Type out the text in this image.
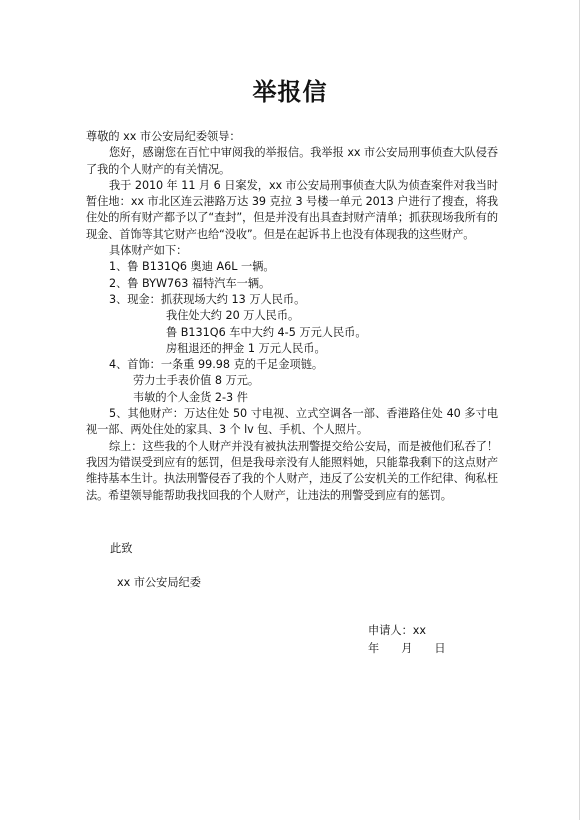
举报信
尊敬的 xx 市公安局纪委领导：
您好，感谢您在百忙中审阅我的举报信。我举报 xx 市公安局刑事侦查大队侵吞了我的个人财产的有关情况。
我于 2010 年 11 月 6 日案发，xx 市公安局刑事侦查大队为侦查案件对我当时暂住地：xx 市北区连云港路万达 39 克拉 3 号楼一单元 2013 户进行了搜查，将我住处的所有财产都予以了“查封”，但是并没有出具查封财产清单；抓获现场我所有的现金、首饰等其它财产也给“没收”。但是在起诉书上也没有体现我的这些财产。
具体财产如下：
1、鲁 B131Q6 奥迪 A6L 一辆。
2、鲁 BYW763 福特汽车一辆。
3、现金：抓获现场大约 13 万人民币。
我住处大约 20 万人民币。
鲁 B131Q6 车中大约 4-5 万元人民币。
房租退还的押金 1 万元人民币。
4、首饰：一条重 99.98 克的千足金项链。
劳力士手表价值 8 万元。
韦敏的个人金货 2-3 件
5、其他财产：万达住处 50 寸电视、立式空调各一部、香港路住处 40 多寸电视一部、两处住处的家具、3 个 lv 包、手机、个人照片。
综上：这些我的个人财产并没有被执法刑警提交给公安局，而是被他们私吞了！我因为错误受到应有的惩罚，但是我母亲没有人能照料她，只能靠我剩下的这点财产维持基本生计。执法刑警侵吞了我的个人财产，违反了公安机关的工作纪律、徇私枉法。希望领导能帮助我找回我的个人财产，让违法的刑警受到应有的惩罚。
此致
xx 市公安局纪委
申请人：xx
年 月 日
